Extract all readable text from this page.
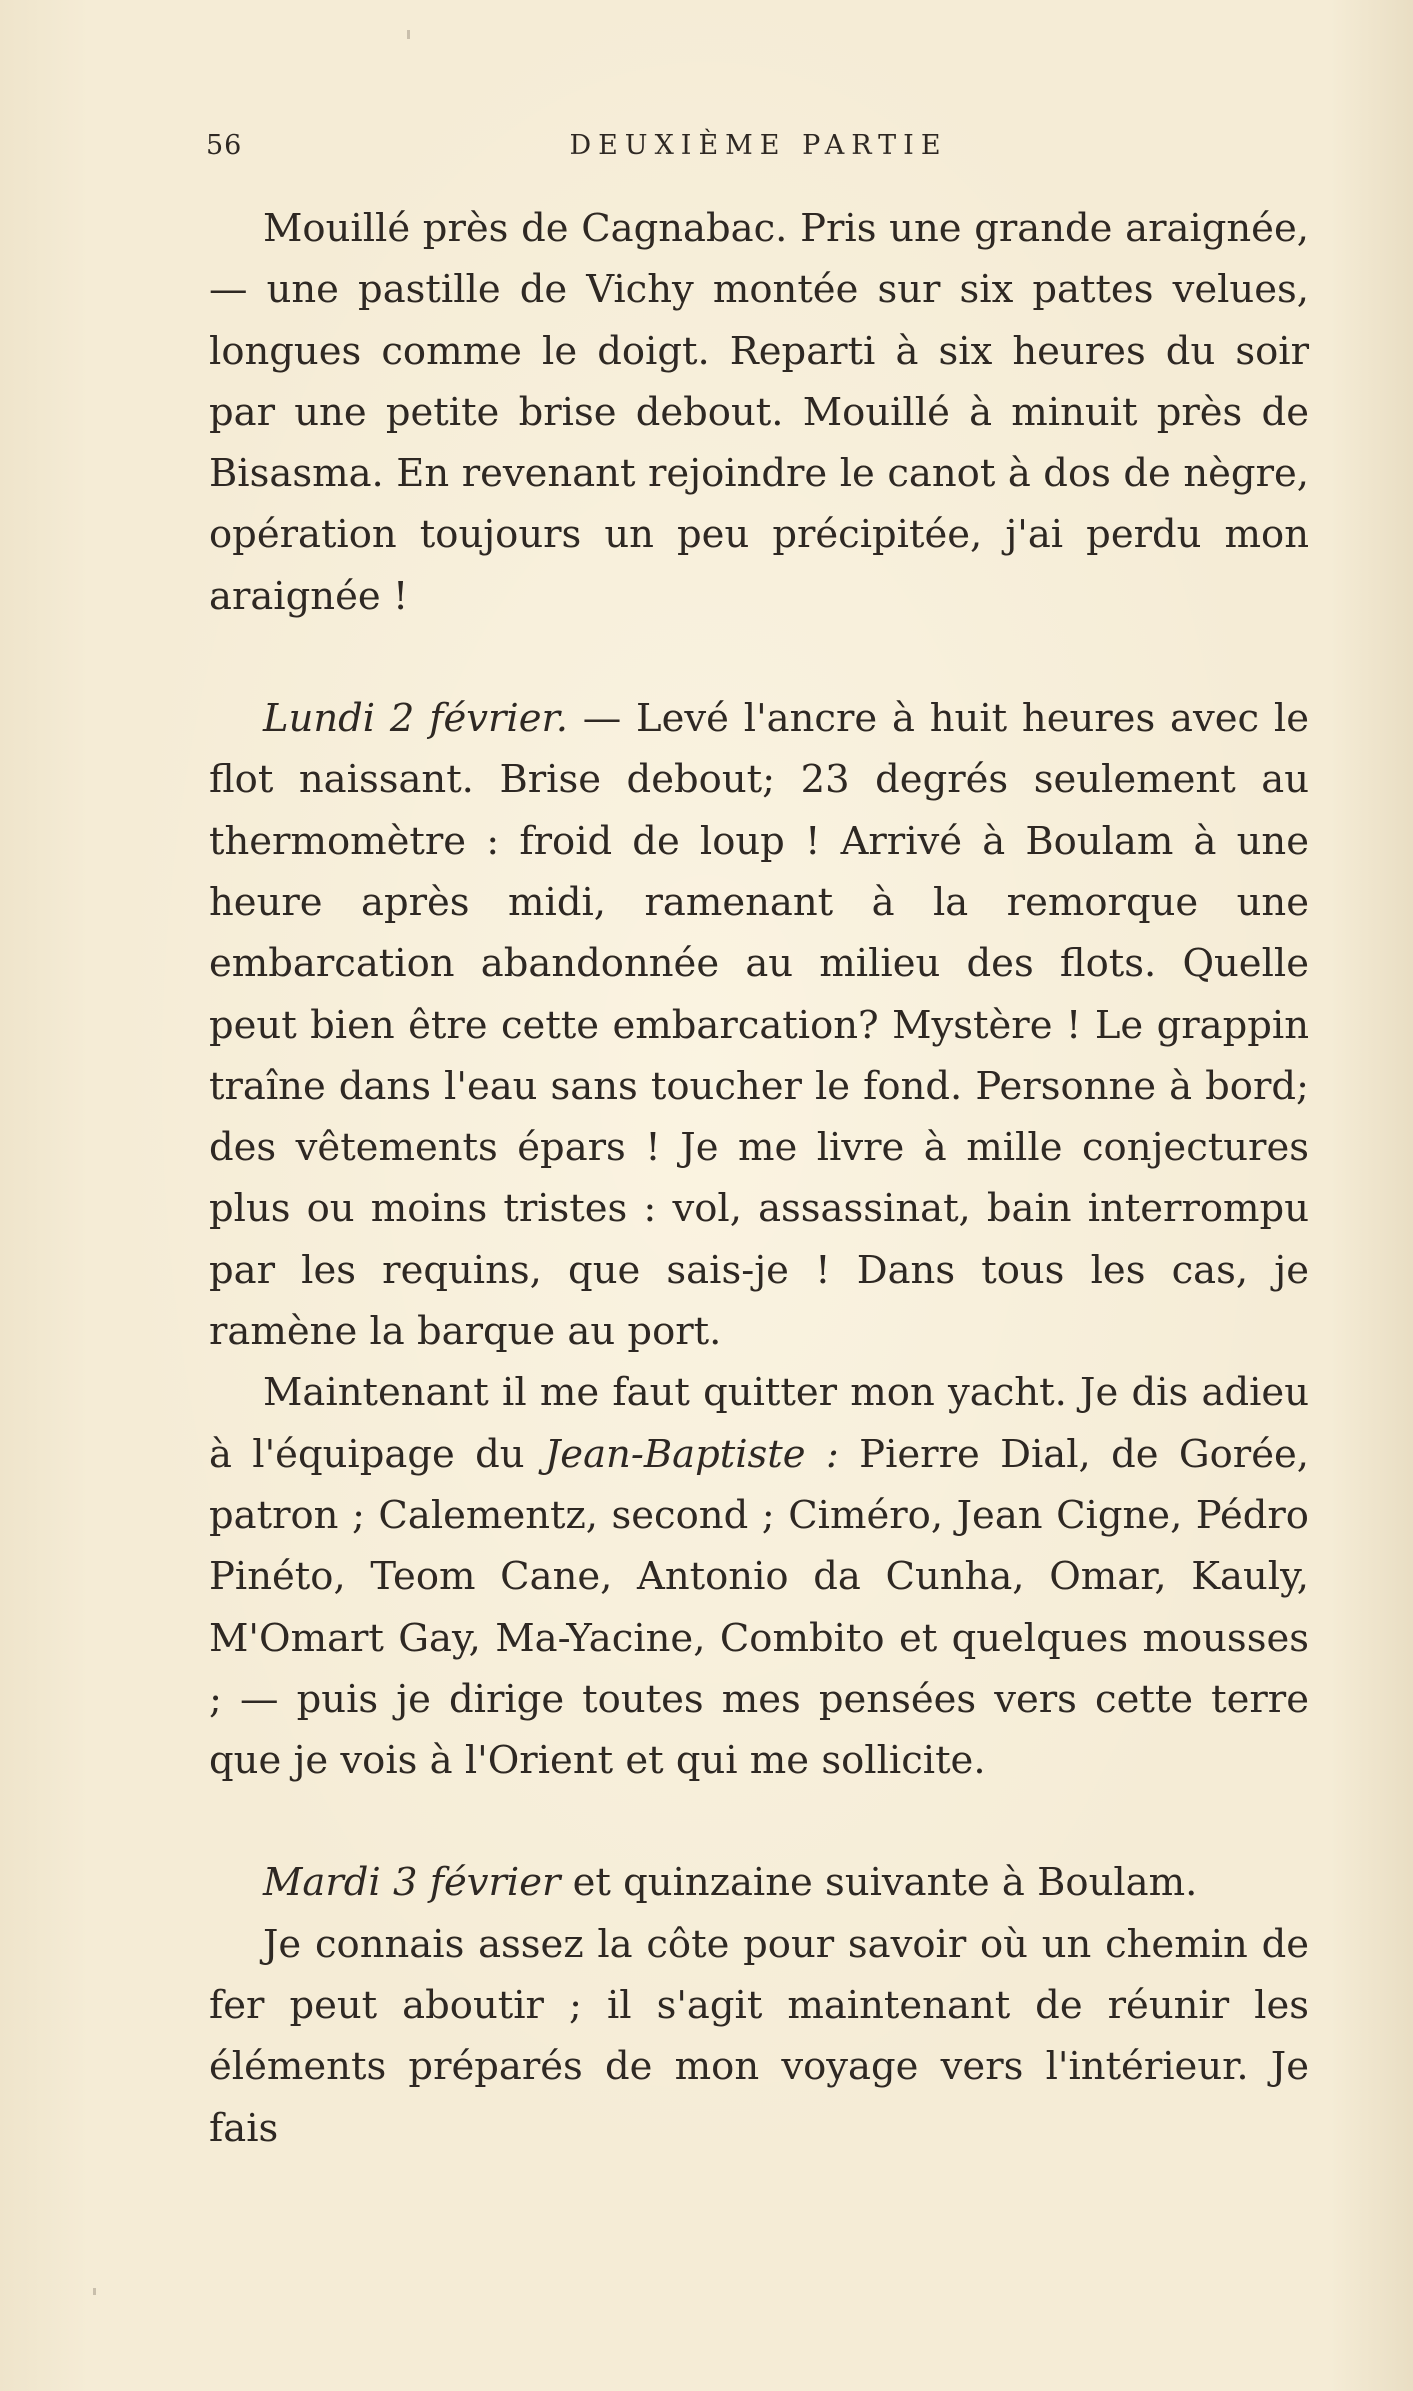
56	DEUXIÈME PARTIE

Mouillé près de Cagnabac. Pris une grande araignée, — une pastille de Vichy montée sur six pattes velues, longues comme le doigt. Reparti à six heures du soir par une petite brise debout. Mouillé à minuit près de Bisasma. En revenant rejoindre le canot à dos de nègre, opération toujours un peu précipitée, j'ai perdu mon araignée !

Lundi 2 février. — Levé l'ancre à huit heures avec le flot naissant. Brise debout; 23 degrés seulement au thermomètre : froid de loup ! Arrivé à Boulam à une heure après midi, ramenant à la remorque une embarcation abandonnée au milieu des flots. Quelle peut bien être cette embarcation? Mystère ! Le grappin traîne dans l'eau sans toucher le fond. Personne à bord; des vêtements épars ! Je me livre à mille conjectures plus ou moins tristes : vol, assassinat, bain interrompu par les requins, que sais-je ! Dans tous les cas, je ramène la barque au port.

Maintenant il me faut quitter mon yacht. Je dis adieu à l'équipage du Jean-Baptiste : Pierre Dial, de Gorée, patron ; Calementz, second ; Ciméro, Jean Cigne, Pédro Pinéto, Teom Cane, Antonio da Cunha, Omar, Kauly, M'Omart Gay, Ma-Yacine, Combito et quelques mousses ; — puis je dirige toutes mes pensées vers cette terre que je vois à l'Orient et qui me sollicite.

Mardi 3 février et quinzaine suivante à Boulam.

Je connais assez la côte pour savoir où un chemin de fer peut aboutir ; il s'agit maintenant de réunir les éléments préparés de mon voyage vers l'intérieur. Je fais
